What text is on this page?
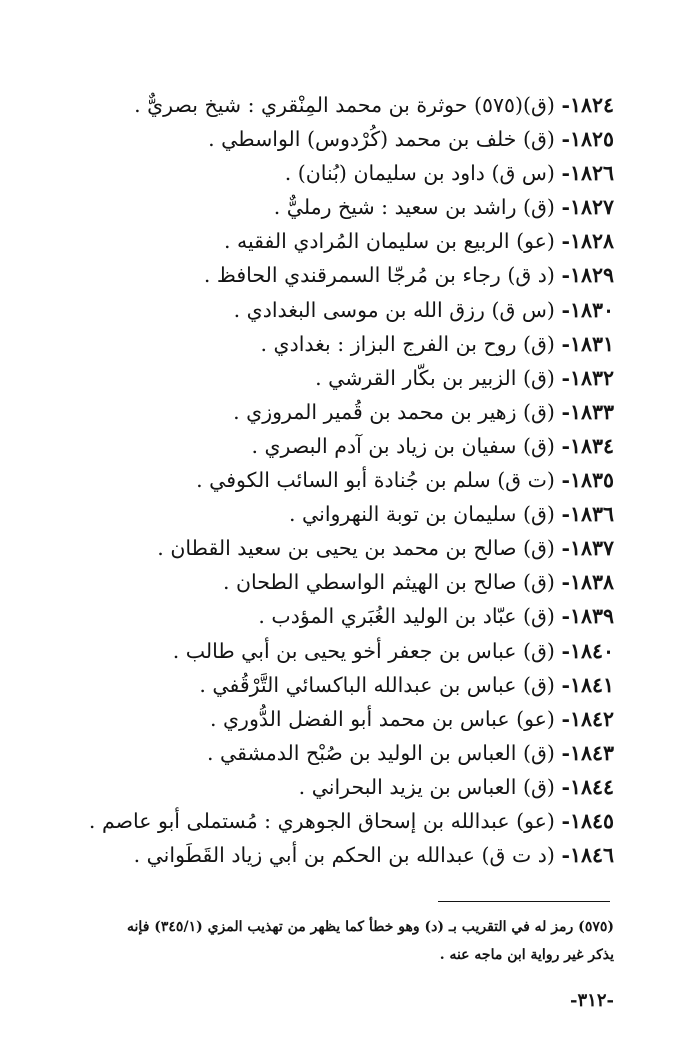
١٨٢٤- (ق)(٥٧٥) حوثرة بن محمد المِنْقري : شيخ بصريٌّ .
١٨٢٥- (ق) خلف بن محمد (كُرْدوس) الواسطي .
١٨٢٦- (س ق) داود بن سليمان (بُنان) .
١٨٢٧- (ق) راشد بن سعيد : شيخ رمليٌّ .
١٨٢٨- (عو) الربيع بن سليمان المُرادي الفقيه .
١٨٢٩- (د ق) رجاء بن مُرجّا السمرقندي الحافظ .
١٨٣٠- (س ق) رزق الله بن موسى البغدادي .
١٨٣١- (ق) روح بن الفرج البزاز : بغدادي .
١٨٣٢- (ق) الزبير بن بكّار القرشي .
١٨٣٣- (ق) زهير بن محمد بن قُمير المروزي .
١٨٣٤- (ق) سفيان بن زياد بن آدم البصري .
١٨٣٥- (ت ق) سلم بن جُنادة أبو السائب الكوفي .
١٨٣٦- (ق) سليمان بن توبة النهرواني .
١٨٣٧- (ق) صالح بن محمد بن يحيى بن سعيد القطان .
١٨٣٨- (ق) صالح بن الهيثم الواسطي الطحان .
١٨٣٩- (ق) عبّاد بن الوليد الغُبَري المؤدب .
١٨٤٠- (ق) عباس بن جعفر أخو يحيى بن أبي طالب .
١٨٤١- (ق) عباس بن عبدالله الباكسائي التَّرْقُفي .
١٨٤٢- (عو) عباس بن محمد أبو الفضل الدُّوري .
١٨٤٣- (ق) العباس بن الوليد بن صُبْح الدمشقي .
١٨٤٤- (ق) العباس بن يزيد البحراني .
١٨٤٥- (عو) عبدالله بن إسحاق الجوهري : مُستملى أبو عاصم .
١٨٤٦- (د ت ق) عبدالله بن الحكم بن أبي زياد القَطَواني .
(٥٧٥) رمز له في التقريب بـ (د) وهو خطأ كما يظهر من تهذيب المزي (٣٤٥/١) فإنه
يذكر غير رواية ابن ماجه عنه .
-٣١٢-
